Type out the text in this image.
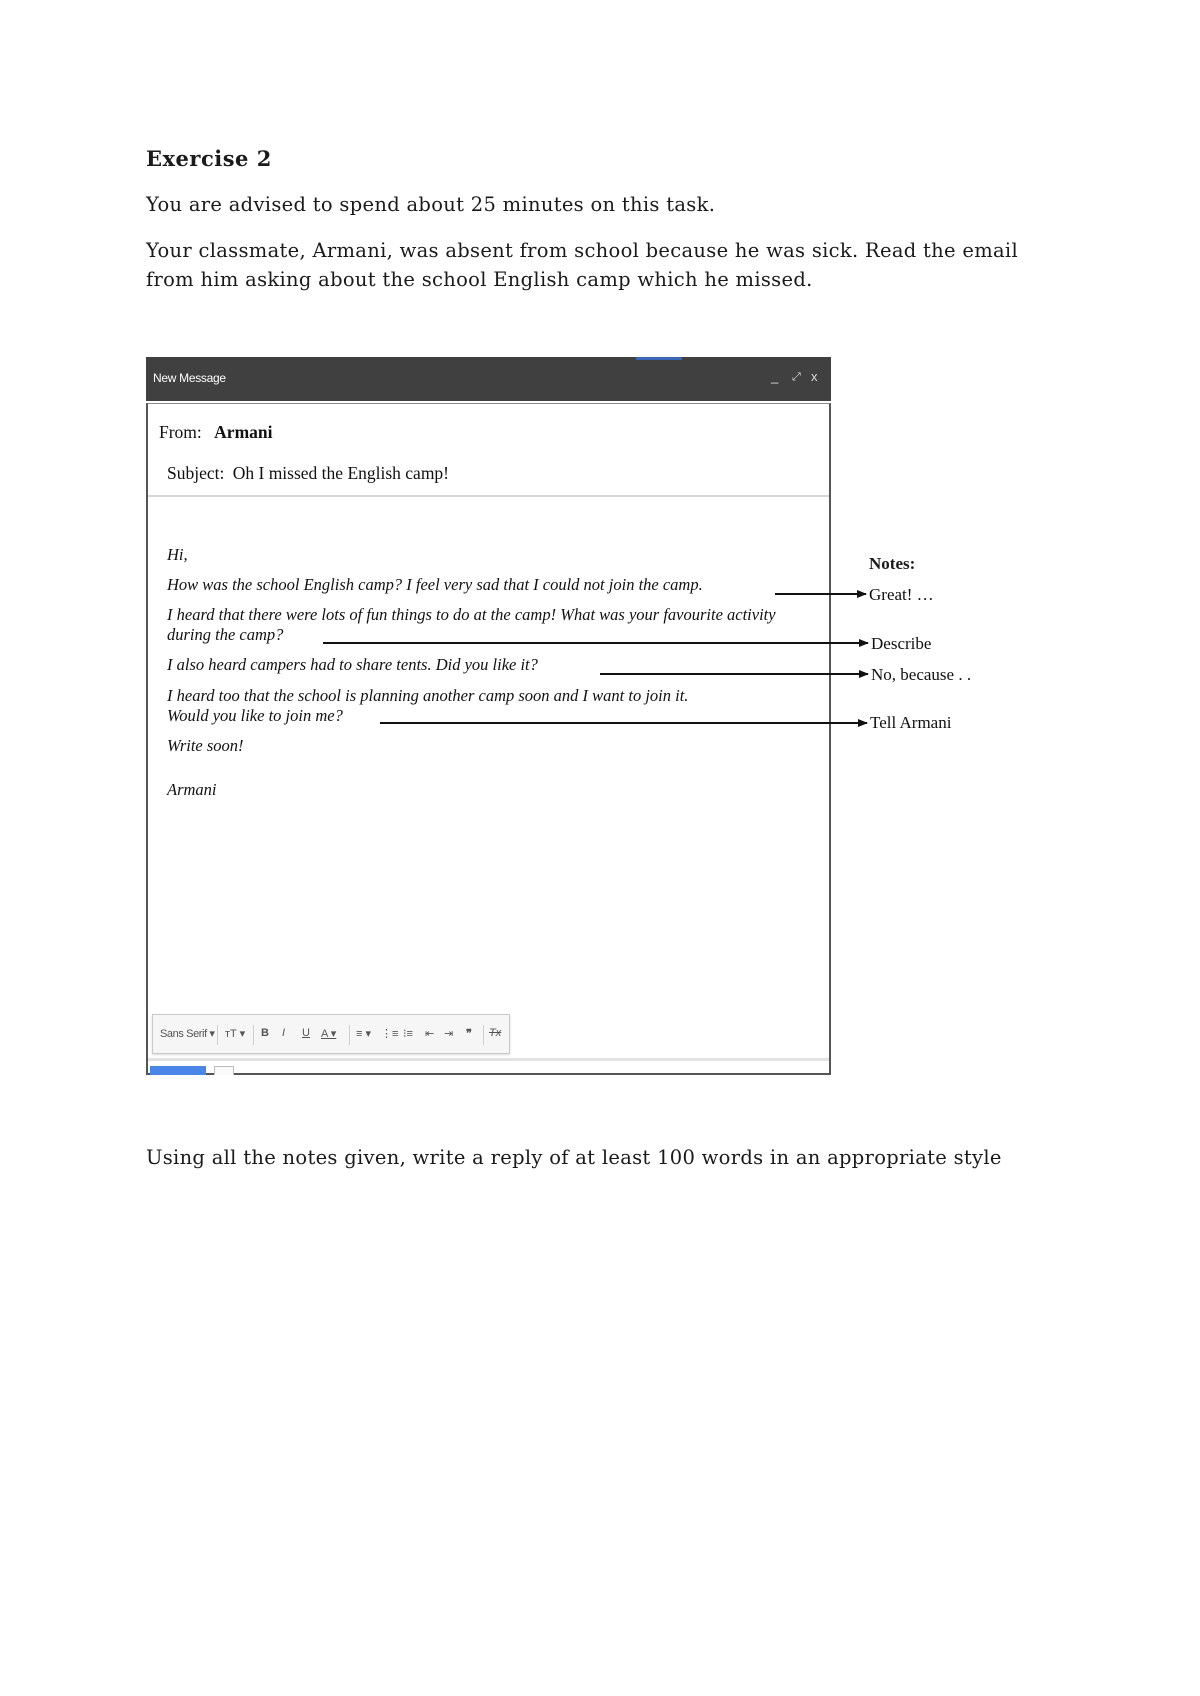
Exercise 2
You are advised to spend about 25 minutes on this task.
Your classmate, Armani, was absent from school because he was sick. Read the email
from him asking about the school English camp which he missed.
New Message	_ ⤢ x
From: Armani
Subject: Oh I missed the English camp!
Hi,
How was the school English camp? I feel very sad that I could not join the camp.
I heard that there were lots of fun things to do at the camp! What was your favourite activity
during the camp?
I also heard campers had to share tents. Did you like it?
I heard too that the school is planning another camp soon and I want to join it.
Would you like to join me?
Write soon!
Armani
Sans Serif ▾ ᴛT ▾ B I U A ▾ ≡ ▾ ⋮≡ ⁝≡ ⇤ ⇥ ❞ Tx
Notes:
Great! …
Describe
No, because . .
Tell Armani
Using all the notes given, write a reply of at least 100 words in an appropriate style
